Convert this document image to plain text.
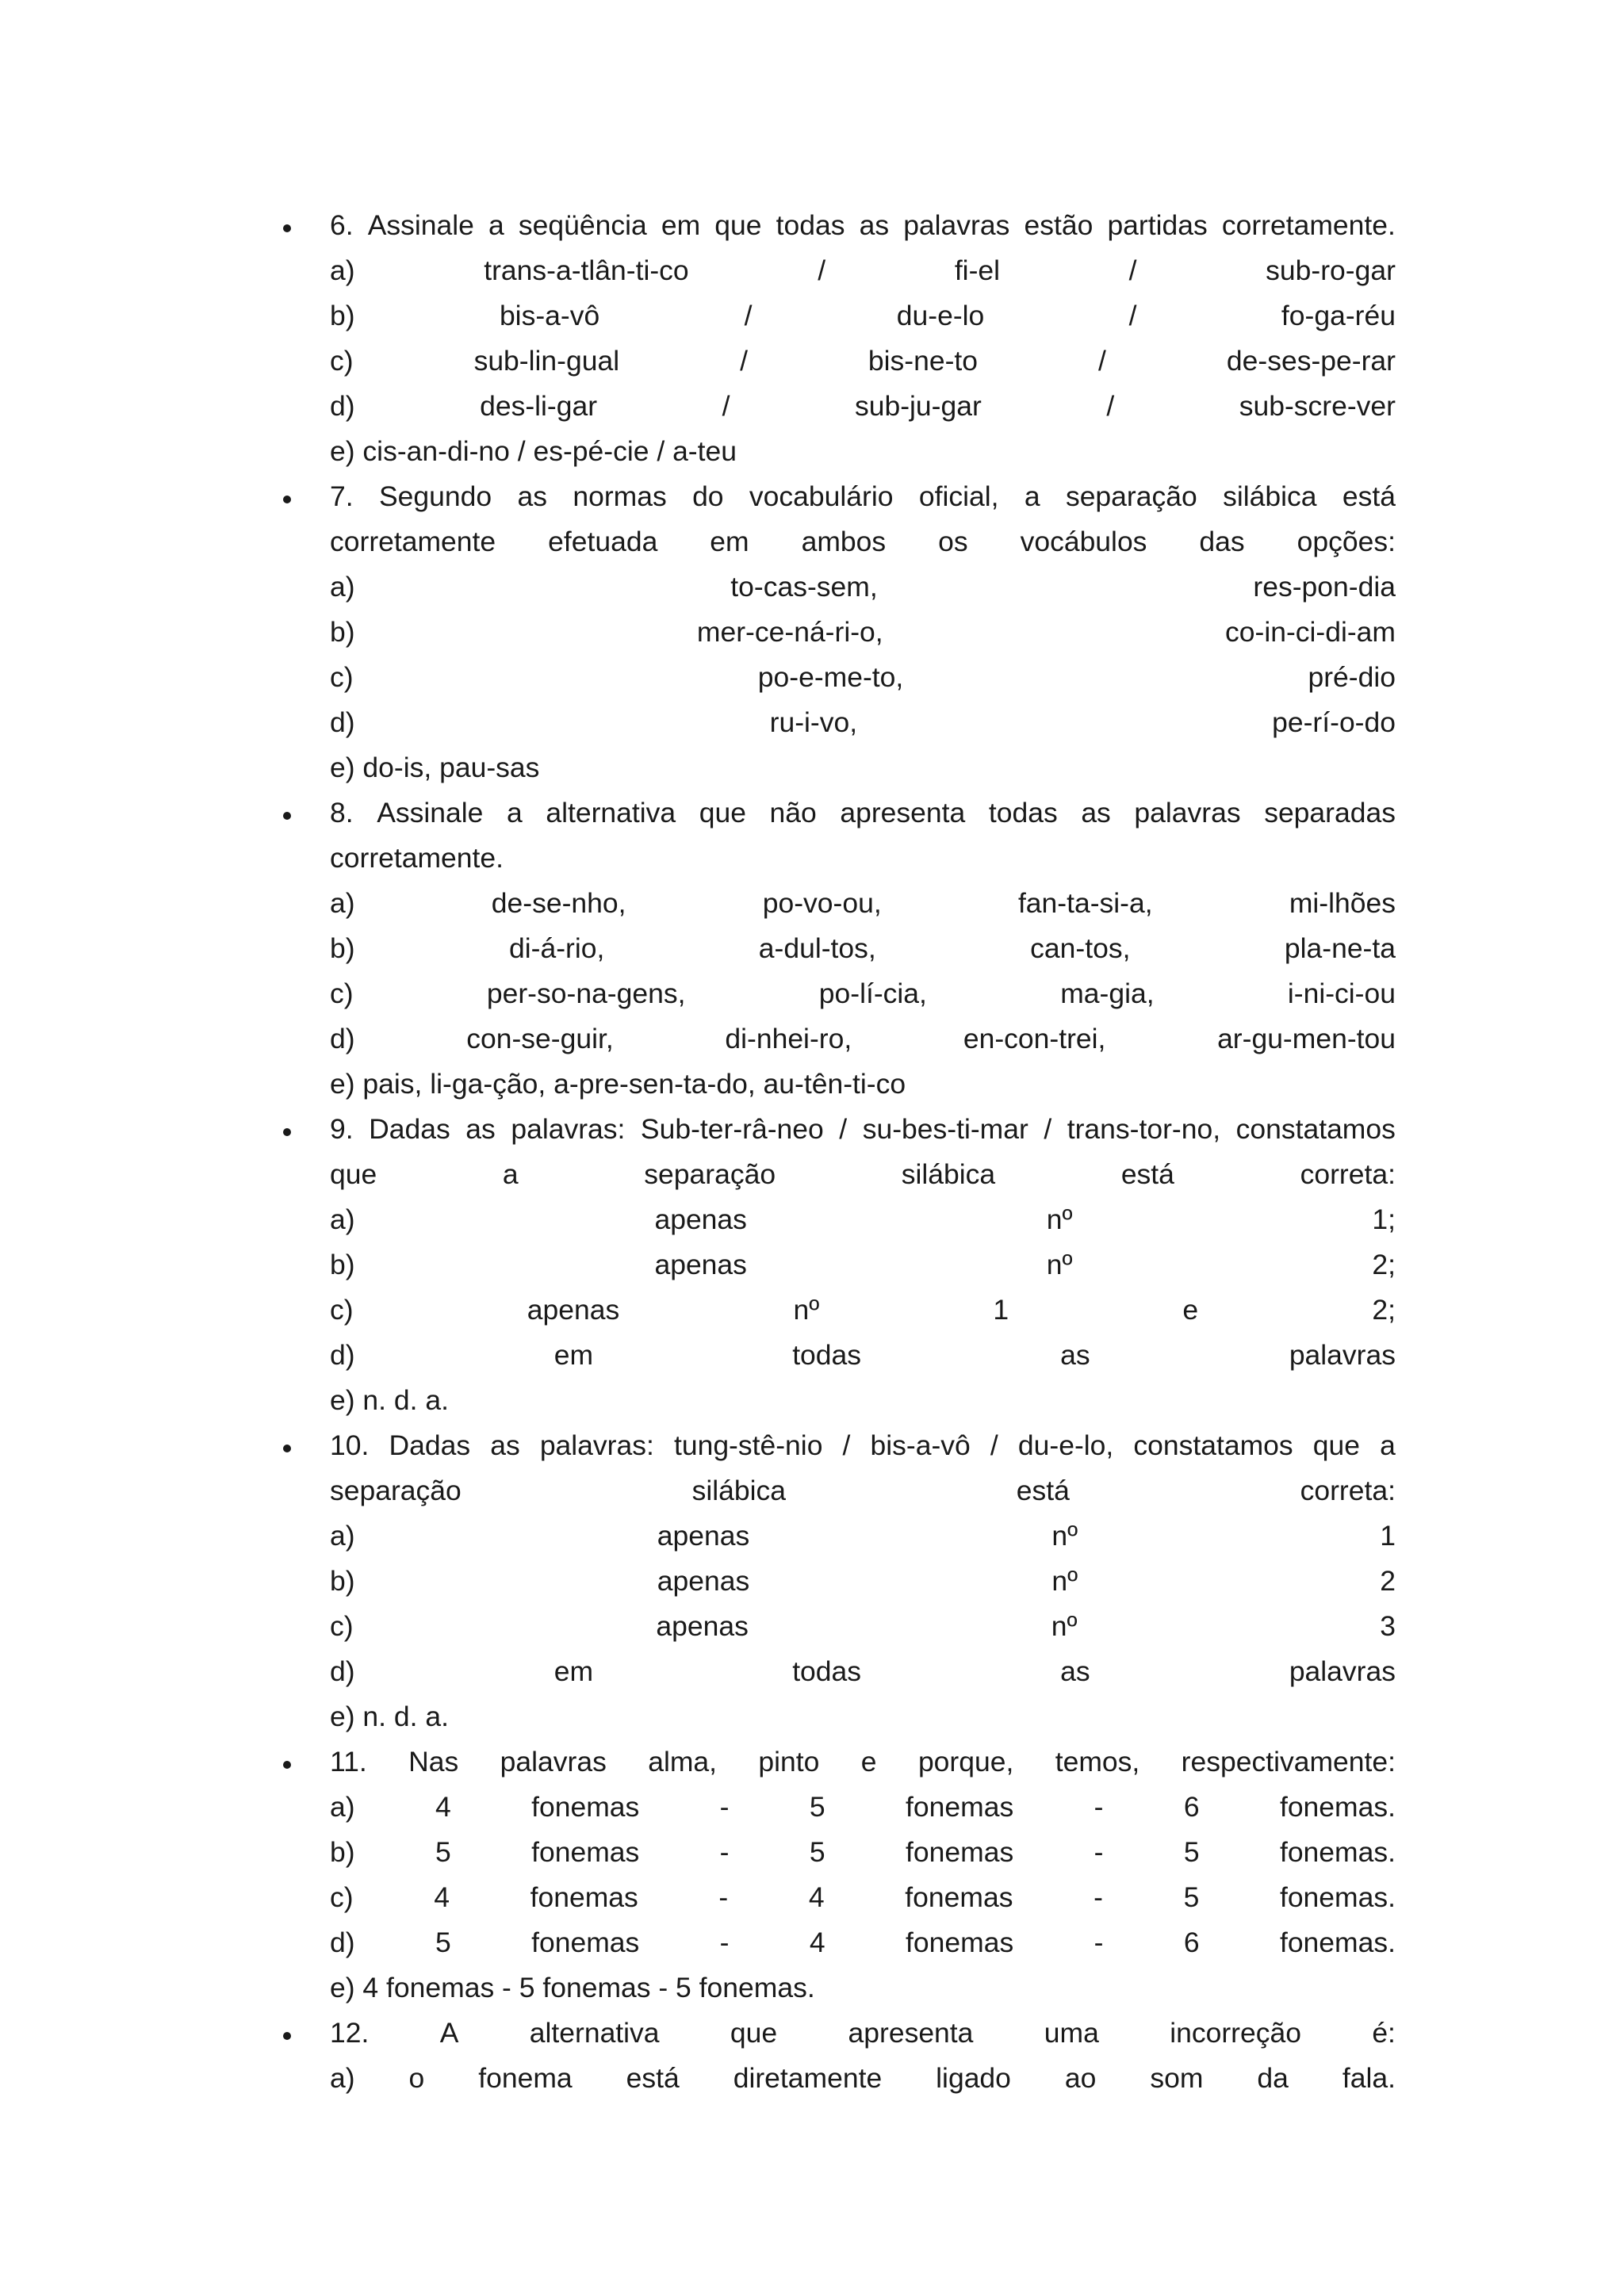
6. Assinale a seqüência em que todas as palavras estão partidas corretamente.
a)	trans-a-tlân-ti-co	/	fi-el	/	sub-ro-gar
b)	bis-a-vô	/	du-e-lo	/	fo-ga-réu
c)	sub-lin-gual	/	bis-ne-to	/	de-ses-pe-rar
d)	des-li-gar	/	sub-ju-gar	/	sub-scre-ver
e) cis-an-di-no / es-pé-cie / a-teu
7. Segundo as normas do vocabulário oficial, a separação silábica está
corretamente efetuada em ambos os vocábulos das opções:
a)	to-cas-sem,	res-pon-dia
b)	mer-ce-ná-ri-o,	co-in-ci-di-am
c)	po-e-me-to,	pré-dio
d)	ru-i-vo,	pe-rí-o-do
e) do-is, pau-sas
8. Assinale a alternativa que não apresenta todas as palavras separadas
corretamente.
a)	de-se-nho,	po-vo-ou,	fan-ta-si-a,	mi-lhões
b)	di-á-rio,	a-dul-tos,	can-tos,	pla-ne-ta
c)	per-so-na-gens,	po-lí-cia,	ma-gia,	i-ni-ci-ou
d)	con-se-guir,	di-nhei-ro,	en-con-trei,	ar-gu-men-tou
e) pais, li-ga-ção, a-pre-sen-ta-do, au-tên-ti-co
9. Dadas as palavras: Sub-ter-râ-neo / su-bes-ti-mar / trans-tor-no, constatamos
que	a	separação	silábica	está	correta:
a)	apenas	nº	1;
b)	apenas	nº	2;
c)	apenas	nº	1	e	2;
d)	em	todas	as	palavras
e) n. d. a.
10. Dadas as palavras: tung-stê-nio / bis-a-vô / du-e-lo, constatamos que a
separação	silábica	está	correta:
a)	apenas	nº	1
b)	apenas	nº	2
c)	apenas	nº	3
d)	em	todas	as	palavras
e) n. d. a.
11. Nas palavras alma, pinto e porque, temos, respectivamente:
a)	4	fonemas	-	5	fonemas	-	6	fonemas.
b)	5	fonemas	-	5	fonemas	-	5	fonemas.
c)	4	fonemas	-	4	fonemas	-	5	fonemas.
d)	5	fonemas	-	4	fonemas	-	6	fonemas.
e) 4 fonemas - 5 fonemas - 5 fonemas.
12.	A	alternativa	que	apresenta	uma	incorreção	é:
a) o fonema está diretamente ligado ao som da fala.
